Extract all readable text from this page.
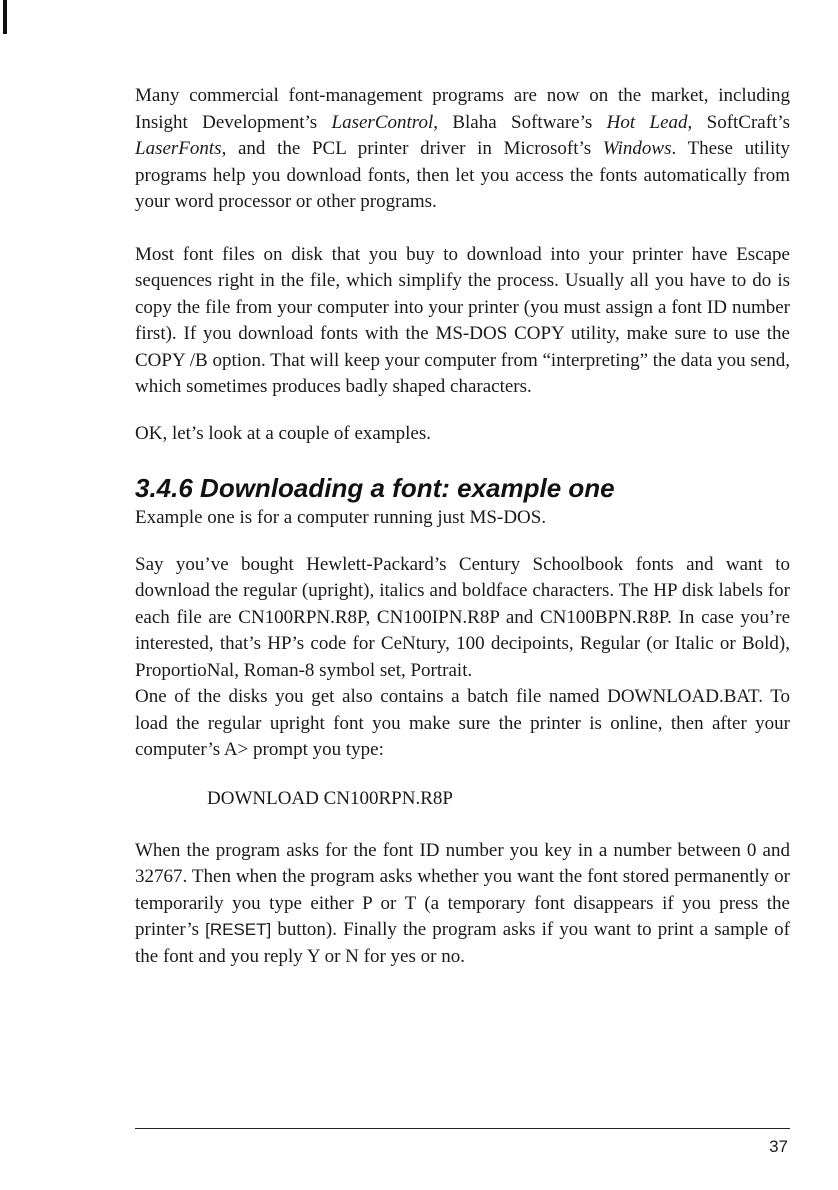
Many commercial font-management programs are now on the market, including Insight Development’s LaserControl, Blaha Software’s Hot Lead, SoftCraft’s LaserFonts, and the PCL printer driver in Microsoft’s Windows. These utility programs help you download fonts, then let you access the fonts automatically from your word processor or other programs.

Most font files on disk that you buy to download into your printer have Escape sequences right in the file, which simplify the process. Usually all you have to do is copy the file from your computer into your printer (you must assign a font ID number first). If you download fonts with the MS-DOS COPY utility, make sure to use the COPY /B option. That will keep your computer from “interpreting” the data you send, which sometimes produces badly shaped characters.

OK, let’s look at a couple of examples.

3.4.6 Downloading a font: example one

Example one is for a computer running just MS-DOS.

Say you’ve bought Hewlett-Packard’s Century Schoolbook fonts and want to download the regular (upright), italics and boldface characters. The HP disk labels for each file are CN100RPN.R8P, CN100IPN.R8P and CN100BPN.R8P. In case you’re interested, that’s HP’s code for CeNtury, 100 decipoints, Regular (or Italic or Bold), ProportioNal, Roman-8 symbol set, Portrait.

One of the disks you get also contains a batch file named DOWNLOAD.BAT. To load the regular upright font you make sure the printer is online, then after your computer’s A> prompt you type:

DOWNLOAD CN100RPN.R8P

When the program asks for the font ID number you key in a number between 0 and 32767. Then when the program asks whether you want the font stored permanently or temporarily you type either P or T (a temporary font disappears if you press the printer’s [RESET] button). Finally the program asks if you want to print a sample of the font and you reply Y or N for yes or no.

37
